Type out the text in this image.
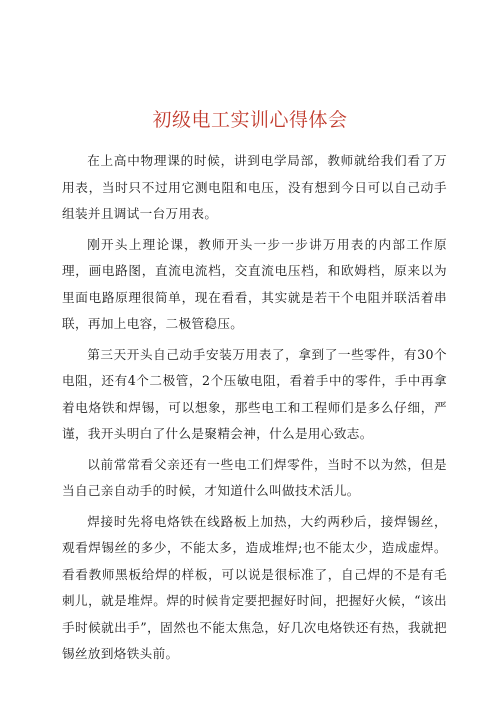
初级电工实训心得体会

在上高中物理课的时候，讲到电学局部，教师就给我们看了万用表，当时只不过用它测电阻和电压，没有想到今日可以自己动手组装并且调试一台万用表。

刚开头上理论课，教师开头一步一步讲万用表的内部工作原理，画电路图，直流电流档，交直流电压档，和欧姆档，原来以为里面电路原理很简单，现在看看，其实就是若干个电阻并联活着串联，再加上电容，二极管稳压。

第三天开头自己动手安装万用表了，拿到了一些零件，有30个电阻，还有4个二极管，2个压敏电阻，看着手中的零件，手中再拿着电烙铁和焊锡，可以想象，那些电工和工程师们是多么仔细，严谨，我开头明白了什么是聚精会神，什么是用心致志。

以前常常看父亲还有一些电工们焊零件，当时不以为然，但是当自己亲自动手的时候，才知道什么叫做技术活儿。

焊接时先将电烙铁在线路板上加热，大约两秒后，接焊锡丝，观看焊锡丝的多少，不能太多，造成堆焊;也不能太少，造成虚焊。看看教师黑板给焊的样板，可以说是很标准了，自己焊的不是有毛刺儿，就是堆焊。焊的时候肯定要把握好时间，把握好火候，“该出手时候就出手”，固然也不能太焦急，好几次电烙铁还有热，我就把锡丝放到烙铁头前。
